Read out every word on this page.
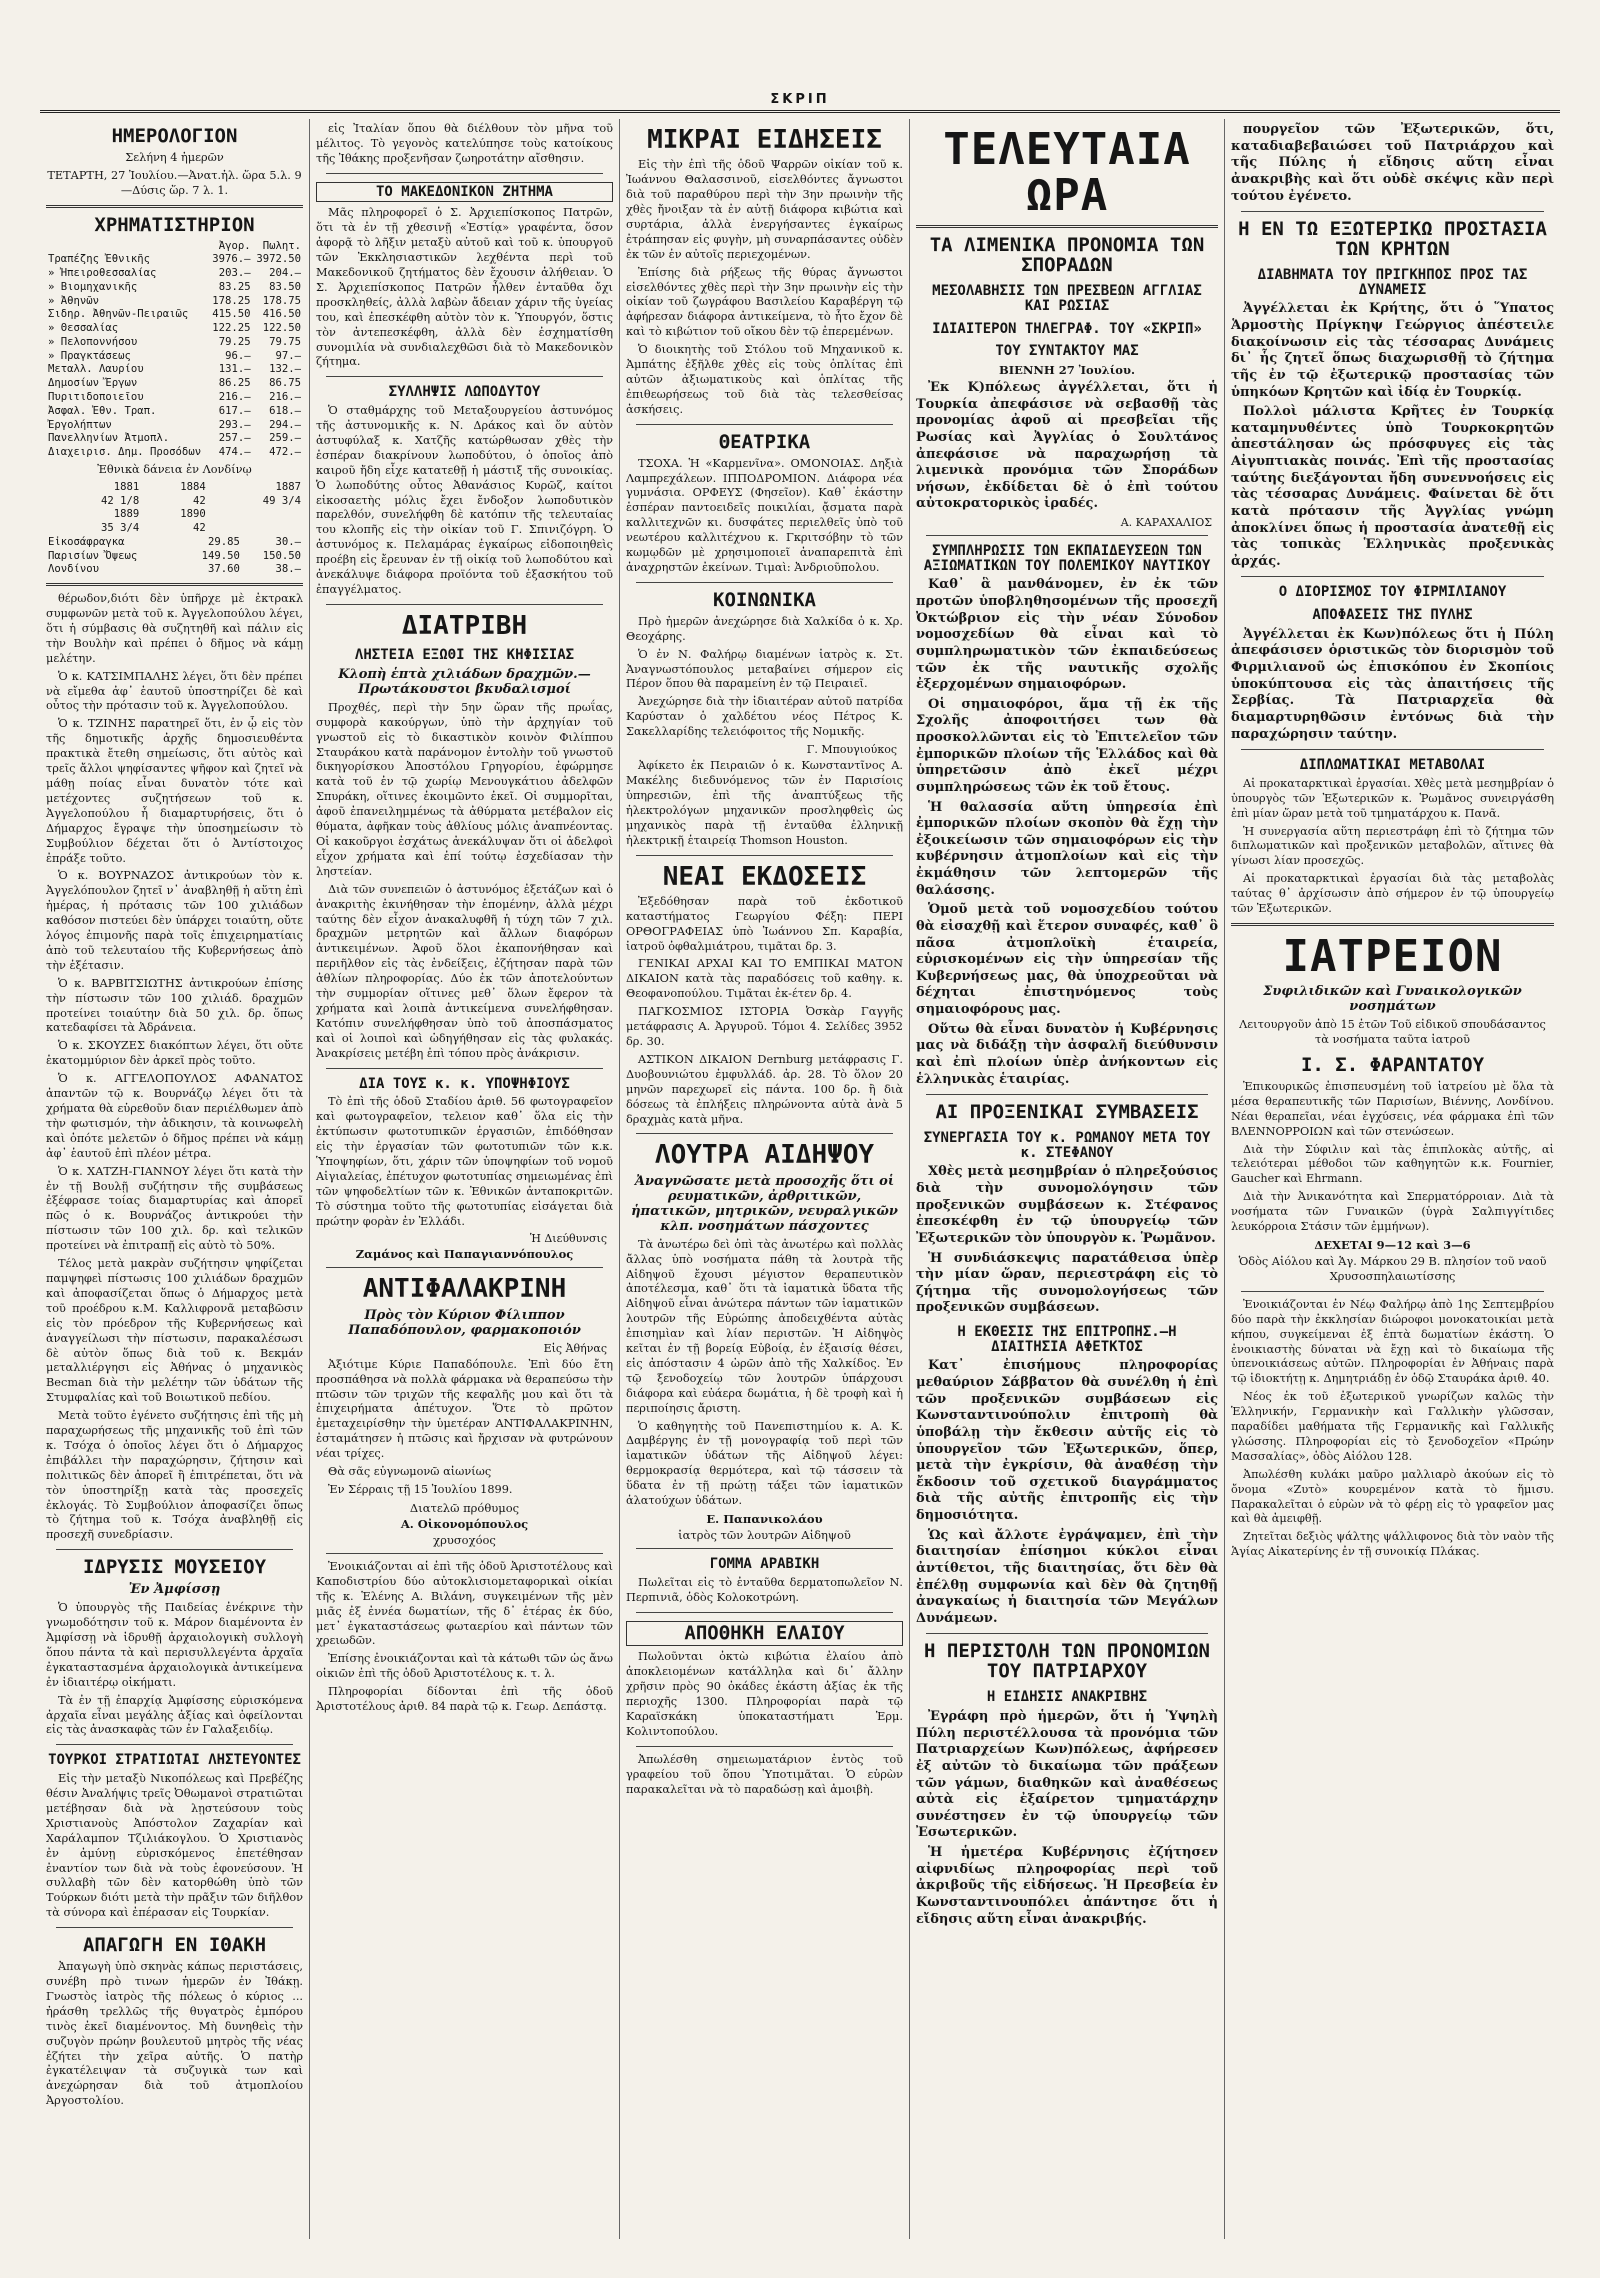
ΣΚΡΙΠ
ΗΜΕΡΟΛΟΓΙΟΝ

Σελήνη 4 ἡμερῶν

ΤΕΤΑΡΤΗ, 27 Ἰουλίου.—Ἀνατ.ἡλ. ὥρα 5.λ. 9—Δύσις ὥρ. 7 λ. 1.

ΧΡΗΜΑΤΙΣΤΗΡΙΟΝ
	Ἀγορ.	Πωλητ.
Τραπέζης Ἐθνικῆς	3976.—	3972.50
» Ἠπειροθεσσαλίας	203.—	204.—
» Βιομηχανικῆς	83.25	83.50
» Ἀθηνῶν	178.25	178.75
Σιδηρ. Ἀθηνῶν-Πειραιῶς	415.50	416.50
» Θεσσαλίας	122.25	122.50
» Πελοποννήσου	79.25	79.75
» Πραγκτάσεως	96.—	97.—
Μεταλλ. Λαυρίου	131.—	132.—
Δημοσίων Ἔργων	86.25	86.75
Πυριτιδοποιεῖου	216.—	216.—
Ἀσφαλ. Ἐθν. Τραπ.	617.—	618.—
Ἐργολήπτων	293.—	294.—
Πανελληνίων Ἀτμοπλ.	257.—	259.—
Διαχειρισ. Δημ. Προσόδων	474.—	472.—

Ἐθνικὰ δάνεια ἐν Λονδίνῳ

1881	1884	1887
42 1/8	42	49 3/4
1889	1890	
35 3/4	42	
Εἰκοσάφραγκα	29.85	30.—
Παρισίων Ὄψεως	149.50	150.50
Λονδίνου	37.60	38.—

θέρωδον,διότι δὲν ὑπῆρχε μὲ ἐκτρακλ συμφωνῶν μετὰ τοῦ κ. Ἀγγελοπούλου λέγει, ὅτι ἡ σύμβασις θὰ συζητηθῆ καὶ πάλιν εἰς τὴν Βουλὴν καὶ πρέπει ὁ δῆμος νὰ κάμῃ μελέτην.

Ὁ κ. ΚΑΤΣΙΜΠΑΛΗΣ λέγει, ὅτι δὲν πρέπει νὰ εἴμεθα ἀφ᾽ ἑαυτοῦ ὑποστηρίζει δὲ καὶ οὗτος τὴν πρότασιν τοῦ κ. Ἀγγελοπούλου.

Ὁ κ. ΤΖΙΝΗΣ παρατηρεῖ ὅτι, ἐν ᾧ εἰς τὸν τῆς δημοτικῆς ἀρχῆς δημοσιευθέντα πρακτικὰ ἔτεθη σημείωσις, ὅτι αὐτὸς καὶ τρεῖς ἄλλοι ψηφίσαντες ψῆφον καὶ ζητεῖ νὰ μάθῃ ποίας εἶναι δυνατὸν τότε καὶ μετέχοντες συζητήσεων τοῦ κ. Ἀγγελοπούλου ἦ διαμαρτυρήσεις, ὅτι ὁ Δήμαρχος ἔγραψε τὴν ὑποσημείωσιν τὸ Συμβούλιον δέχεται ὅτι ὁ Ἀντίστοιχος ἐπράξε τοῦτο.

Ὁ κ. ΒΟΥΡΝΑΖΟΣ ἀντικρούων τὸν κ. Ἀγγελόπουλον ζητεῖ ν᾽ ἀναβληθῇ ἡ αὕτη ἐπὶ ἡμέρας, ἡ πρότασις τῶν 100 χιλιάδων καθόσον πιστεύει δὲν ὑπάρχει τοιαύτη, οὔτε λόγος ἐπιμονῆς παρὰ τοῖς ἐπιχειρηματίαις ἀπὸ τοῦ τελευταίου τῆς Κυβερνήσεως ἀπὸ τὴν ἐξέτασιν.

Ὁ κ. ΒΑΡΒΙΤΣΙΩΤΗΣ ἀντικρούων ἐπίσης τὴν πίστωσιν τῶν 100 χιλιάδ. δραχμῶν προτείνει τοιαύτην διὰ 50 χιλ. δρ. ὅπως κατεδαφίσει τὰ Ἀδράνεια.

Ὁ κ. ΣΚΟΥΖΕΣ διακόπτων λέγει, ὅτι οὔτε ἑκατομμύριον δὲν ἀρκεῖ πρὸς τοῦτο.

Ὁ κ. ΑΓΓΕΛΟΠΟΥΛΟΣ ΑΦΑΝΑΤΟΣ ἀπαντῶν τῷ κ. Βουρνάζῳ λέγει ὅτι τὰ χρήματα θὰ εὑρεθοῦν διαν περιέλθωμεν ἀπὸ τὴν φωτισμόν, τὴν ἀδικησιν, τὰ κοινωφελὴ καὶ ὁπότε μελετῶν ὁ δῆμος πρέπει νὰ κάμῃ ἀφ᾽ ἑαυτοῦ ἐπὶ πλέον μέτρα.

Ὁ κ. ΧΑΤΖΗ-ΓΙΑΝΝΟΥ λέγει ὅτι κατὰ τὴν ἐν τῇ Βουλῇ συζήτησιν τῆς συμβάσεως ἐξέφρασε τοίας διαμαρτυρίας καὶ ἀπορεῖ πῶς ὁ κ. Βουρνάζος ἀντικρούει τὴν πίστωσιν τῶν 100 χιλ. δρ. καὶ τελικῶν προτείνει νὰ ἐπιτραπῇ εἰς αὐτὸ τὸ 50%.

Τέλος μετὰ μακρὰν συζήτησιν ψηφίζεται παμψηφεὶ πίστωσις 100 χιλιάδων δραχμῶν καὶ ἀποφασίζεται ὅπως ὁ Δήμαρχος μετὰ τοῦ προέδρου κ.Μ. Καλλιφρονᾶ μεταβῶσιν εἰς τὸν πρόεδρον τῆς Κυβερνήσεως καὶ ἀναγγείλωσι τὴν πίστωσιν, παρακαλέσωσι δὲ αὐτὸν ὅπως διὰ τοῦ κ. Βεκμάν μεταλλιέργησι εἰς Ἀθήνας ὁ μηχανικὸς Becman διὰ τὴν μελέτην τῶν ὑδάτων τῆς Στυμφαλίας καὶ τοῦ Βοιωτικοῦ πεδίου.

Μετὰ τοῦτο ἐγένετο συζήτησις ἐπὶ τῆς μὴ παραχωρήσεως τῆς μηχανικῆς τοῦ ἐπὶ τῶν κ. Τσόχα ὁ ὁποῖος λέγει ὅτι ὁ Δήμαρχος ἐπιβάλλει τὴν παραχώρησιν, ζήτησιν καὶ πολιτικῶς δὲν ἀπορεῖ ἢ ἐπιτρέπεται, ὅτι νὰ τὸν ὑποστηρίξῃ κατὰ τὰς προσεχεῖς ἐκλογάς. Τὸ Συμβούλιον ἀποφασίζει ὅπως τὸ ζήτημα τοῦ κ. Τσόχα ἀναβληθῇ εἰς προσεχῆ συνεδρίασιν.

ΙΔΡΥΣΙΣ ΜΟΥΣΕΙΟΥ
Ἐν Ἀμφίσσῃ

Ὁ ὑπουργὸς τῆς Παιδείας ἐνέκρινε τὴν γνωμοδότησιν τοῦ κ. Μάρον διαμένοντα ἐν Ἀμφίσσῃ νὰ ἱδρυθῇ ἀρχαιολογικὴ συλλογὴ ὅπου πάντα τὰ καὶ περισυλλεγέντα ἀρχαῖα ἐγκαταστασμένα ἀρχαιολογικὰ ἀντικείμενα ἐν ἰδιαιτέρῳ οἰκήματι.

Τὰ ἐν τῇ ἐπαρχίᾳ Ἀμφίσσης εὑρισκόμενα ἀρχαῖα εἶναι μεγάλης ἀξίας καὶ ὀφείλονται εἰς τὰς ἀνασκαφὰς τῶν ἐν Γαλαξειδίῳ.

ΤΟΥΡΚΟΙ ΣΤΡΑΤΙΩΤΑΙ ΛΗΣΤΕΥΟΝΤΕΣ

Εἰς τὴν μεταξὺ Νικοπόλεως καὶ Πρεβέζης θέσιν Ἀναλήψις τρεῖς Ὀθωμανοὶ στρατιῶται μετέβησαν διὰ νὰ λῃστεύσουν τοὺς Χριστιανοὺς Ἀπόστολον Ζαχαρίαν καὶ Χαράλαμπον Τζιλιάκογλου. Ὁ Χριστιανὸς ἐν ἀμύνῃ εὑρισκόμενος ἐπετέθησαν ἐναντίον των διὰ νὰ τοὺς ἐφονεύσουν. Ἡ συλλαβὴ τῶν δὲν κατορθώθη ὑπὸ τῶν Τούρκων διότι μετὰ τὴν πρᾶξιν τῶν διῆλθον τὰ σύνορα καὶ ἐπέρασαν εἰς Τουρκίαν.

ΑΠΑΓΩΓΗ ΕΝ ΙΘΑΚΗ

Ἀπαγωγὴ ὑπὸ σκηνὰς κάπως περιστάσεις, συνέβη πρὸ τινων ἡμερῶν ἐν Ἰθάκῃ. Γνωστὸς ἰατρὸς τῆς πόλεως ὁ κύριος ... ἠράσθη τρελλῶς τῆς θυγατρὸς ἐμπόρου τινὸς ἐκεῖ διαμένοντος. Μὴ δυνηθεὶς τὴν συζυγὸν πρώην βουλευτοῦ μητρὸς τῆς νέας ἐζήτει τὴν χεῖρα αὐτῆς. Ὁ πατὴρ ἐγκατέλειψαν τὰ συζυγικὰ των καὶ ἀνεχώρησαν διὰ τοῦ ἀτμοπλοίου Ἀργοστολίου.

εἰς Ἰταλίαν ὅπου θὰ διέλθουν τὸν μῆνα τοῦ μέλιτος. Τὸ γεγονὸς κατελύπησε τοὺς κατοίκους τῆς Ἰθάκης προξενῆσαν ζωηροτάτην αἴσθησιν.

ΤΟ ΜΑΚΕΔΟΝΙΚΟΝ ΖΗΤΗΜΑ

Μᾶς πληροφορεῖ ὁ Σ. Ἀρχιεπίσκοπος Πατρῶν, ὅτι τὰ ἐν τῇ χθεσινῇ «Ἑστίᾳ» γραφέντα, ὅσον ἀφορᾷ τὸ λῆξιν μεταξὺ αὐτοῦ καὶ τοῦ κ. ὑπουργοῦ τῶν Ἐκκλησιαστικῶν λεχθέντα περὶ τοῦ Μακεδονικοῦ ζητήματος δὲν ἔχουσιν ἀλήθειαν. Ὁ Σ. Ἀρχιεπίσκοπος Πατρῶν ἦλθεν ἐνταῦθα ὄχι προσκληθείς, ἀλλὰ λαβὼν ἄδειαν χάριν τῆς ὑγείας του, καὶ ἐπεσκέφθη αὐτὸν τὸν κ. Ὑπουργόν, ὅστις τὸν ἀντεπεσκέφθη, ἀλλὰ δὲν ἐσχηματίσθη συνομιλία νὰ συνδιαλεχθῶσι διὰ τὸ Μακεδονικὸν ζήτημα.

ΣΥΛΛΗΨΙΣ ΛΩΠΟΔΥΤΟΥ

Ὁ σταθμάρχης τοῦ Μεταξουργείου ἀστυνόμος τῆς ἀστυνομικῆς κ. Ν. Δράκος καὶ ὅν αὐτὸν ἀστυφύλαξ κ. Χατζῆς κατώρθωσαν χθὲς τὴν ἑσπέραν διακρίνουν λωποδύτου, ὁ ὁποῖος ἀπὸ καιροῦ ἤδη εἶχε κατατεθῇ ἡ μάστιξ τῆς συνοικίας. Ὁ λωποδύτης οὗτος Ἀθανάσιος Κυρῶζ, καίτοι εἰκοσαετὴς μόλις ἔχει ἔνδοξον λωποδυτικὸν παρελθόν, συνελήφθη δὲ κατόπιν τῆς τελευταίας του κλοπῆς εἰς τὴν οἰκίαν τοῦ Γ. Σπινιζόγρη. Ὁ ἀστυνόμος κ. Πελαμάρας ἐγκαίρως εἰδοποιηθεὶς προέβη εἰς ἔρευναν ἐν τῇ οἰκίᾳ τοῦ λωποδύτου καὶ ἀνεκάλυψε διάφορα προϊόντα τοῦ ἐξασκήτου τοῦ ἐπαγγέλματος.

ΔΙΑΤΡΙΒΗ
ΛΗΣΤΕΙΑ ΕΞΩΘΙ ΤΗΣ ΚΗΦΙΣΙΑΣ
Κλοπὴ ἑπτὰ χιλιάδων δραχμῶν.—Πρωτάκουστοι βκυδαλισμοί

Προχθές, περὶ τὴν 5ην ὥραν τῆς πρωΐας, συμφορὰ κακούργων, ὑπὸ τὴν ἀρχηγίαν τοῦ γνωστοῦ εἰς τὸ δικαστικὸν κοινὸν Φιλίππου Σταυράκου κατὰ παράνομον ἐντολὴν τοῦ γνωστοῦ δικηγορίσκου Ἀποστόλου Γρηγορίου, ἐφώρμησε κατὰ τοῦ ἐν τῷ χωρίῳ Μενουγκάτιου ἀδελφῶν Σπυράκη, οἵτινες ἐκοιμῶντο ἐκεῖ. Οἱ συμμορῖται, ἀφοῦ ἐπανειλημμένως τὰ ἀθύρματα μετέβαλον εἰς θύματα, ἀφῆκαν τοὺς ἀθλίους μόλις ἀναπνέοντας. Οἱ κακοῦργοι ἐσχάτως ἀνεκάλυψαν ὅτι οἱ ἀδελφοὶ εἶχον χρήματα καὶ ἐπί τούτῳ ἐσχεδίασαν τὴν ληστείαν.

Διὰ τῶν συνεπειῶν ὁ ἀστυνόμος ἐξετάζων καὶ ὁ ἀνακριτὴς ἐκινήθησαν τὴν ἑπομένην, ἀλλὰ μέχρι ταύτης δὲν εἶχον ἀνακαλυφθῆ ἡ τύχη τῶν 7 χιλ. δραχμῶν μετρητῶν καὶ ἄλλων διαφόρων ἀντικειμένων. Ἀφοῦ ὅλοι ἐκαπονήθησαν καὶ περιῆλθον εἰς τὰς ἐνδείξεις, ἐζήτησαν παρὰ τῶν ἀθλίων πληροφορίας. Δύο ἐκ τῶν ἀποτελούντων τὴν συμμορίαν οἵτινες μεθ᾽ ὅλων ἔφερον τὰ χρήματα καὶ λοιπὰ ἀντικείμενα συνελήφθησαν. Κατόπιν συνελήφθησαν ὑπὸ τοῦ ἀποσπάσματος καὶ οἱ λοιποὶ καὶ ὡδηγήθησαν εἰς τὰς φυλακάς. Ἀνακρίσεις μετέβη ἐπὶ τόπου πρὸς ἀνάκρισιν.

ΔΙΑ ΤΟΥΣ κ. κ. ΥΠΟΨΗΦΙΟΥΣ

Τὸ ἐπὶ τῆς ὁδοῦ Σταδίου ἀριθ. 56 φωτογραφεῖον καὶ φωτογραφεῖον, τελειον καθ᾽ ὅλα εἰς τὴν ἐκτύπωσιν φωτοτυπικῶν ἐργασιῶν, ἐπιδόθησαν εἰς τὴν ἐργασίαν τῶν φωτοτυπιῶν τῶν κ.κ. Ὑποψηφίων, ὅτι, χάριν τῶν ὑποψηφίων τοῦ νομοῦ Αἰγιαλείας, ἐπέτυχον φωτοτυπίας σημειωμένας ἐπὶ τῶν ψηφοδελτίων τῶν κ. Ἐθνικῶν ἀνταποκριτῶν. Τὸ σύστημα τοῦτο τῆς φωτοτυπίας εἰσάγεται διὰ πρώτην φορὰν ἐν Ἑλλάδι.

Ἡ Διεύθυνσις
Ζαμάνος καὶ Παπαγιαννόπουλος
ΑΝΤΙΦΑΛΑΚΡΙΝΗ
Πρὸς τὸν Κύριον Φίλιππον Παπαδόπουλον, φαρμακοποιόν
Εἰς Ἀθήνας

Ἀξιότιμε Κύριε Παπαδόπουλε. Ἐπὶ δύο ἔτη προσπάθησα νὰ πολλὰ φάρμακα νὰ θεραπεύσω τὴν πτῶσιν τῶν τριχῶν τῆς κεφαλῆς μου καὶ ὅτι τὰ ἐπιχειρήματα ἀπέτυχον. Ὅτε τὸ πρῶτον ἐμεταχειρίσθην τὴν ὑμετέραν ΑΝΤΙΦΑΛΑΚΡΙΝΗΝ, ἐσταμάτησεν ἡ πτῶσις καὶ ἤρχισαν νὰ φυτρώνουν νέαι τρίχες.

Θὰ σᾶς εὐγνωμονῶ αἰωνίως

Ἐν Σέρραις τῇ 15 Ἰουλίου 1899.

Διατελῶ πρόθυμος
Α. Οἰκονομόπουλος
χρυσοχόος

Ἐνοικιάζονται αἱ ἐπὶ τῆς ὁδοῦ Ἀριστοτέλους καὶ Καποδιστρίου δύο αὐτοκλισιομεταφορικαὶ οἰκίαι τῆς κ. Ἑλένης Α. Βιλάνη, συγκειμένων τῆς μὲν μιᾶς ἐξ ἐννέα δωματίων, τῆς δ᾽ ἑτέρας ἐκ δύο, μετ᾽ ἐγκαταστάσεως φωταερίου καὶ πάντων τῶν χρειωδῶν.

Ἐπίσης ἐνοικιάζονται καὶ τὰ κάτωθι τῶν ὡς ἄνω οἰκιῶν ἐπὶ τῆς ὁδοῦ Ἀριστοτέλους κ. τ. λ.

Πληροφορίαι δίδονται ἐπὶ τῆς ὁδοῦ Ἀριστοτέλους ἀριθ. 84 παρὰ τῷ κ. Γεωρ. Δεπάστᾳ.

ΜΙΚΡΑΙ ΕΙΔΗΣΕΙΣ

Εἰς τὴν ἐπὶ τῆς ὁδοῦ Ψαρρῶν οἰκίαν τοῦ κ. Ἰωάννου Θαλασσινοῦ, εἰσελθόντες ἄγνωστοι διὰ τοῦ παραθύρου περὶ τὴν 3ην πρωινὴν τῆς χθὲς ἤνοιξαν τὰ ἐν αὐτῇ διάφορα κιβώτια καὶ συρτάρια, ἀλλὰ ἐνεργήσαντες ἐγκαίρως ἐτράπησαν εἰς φυγὴν, μὴ συναρπάσαντες οὐδὲν ἐκ τῶν ἐν αὐτοῖς περιεχομένων.

Ἐπίσης διὰ ρήξεως τῆς θύρας ἄγνωστοι εἰσελθόντες χθὲς περὶ τὴν 3ην πρωινὴν εἰς τὴν οἰκίαν τοῦ ζωγράφου Βασιλείου Καραβέργη τῷ ἀφήρεσαν διάφορα ἀντικείμενα, τὸ ἦτο ἔχον δὲ καὶ τὸ κιβώτιον τοῦ οἴκου δὲν τῷ ἐπερεμένων.

Ὁ διοικητὴς τοῦ Στόλου τοῦ Μηχανικοῦ κ. Ἀμπάτης ἐξῆλθε χθὲς εἰς τοὺς ὁπλίτας ἐπὶ αὐτῶν ἀξιωματικοὺς καὶ ὁπλίτας τῆς ἐπιθεωρήσεως τοῦ διὰ τὰς τελεσθείσας ἀσκήσεις.

ΘΕΑΤΡΙΚΑ

ΤΣΟΧΑ. Ἡ «Καρμενῖνα». ΟΜΟΝΟΙΑΣ. Δηξιὰ Λαμπρεχάλεων. ΙΠΠΟΔΡΟΜΙΟΝ. Διάφορα νέα γυμνάσια. ΟΡΦΕΥΣ (Φησεῖον). Καθ᾽ ἑκάστην ἑσπέραν παντοειδεῖς ποικιλίαι, ᾄσματα παρὰ καλλιτεχνῶν κι. δυσφάτες περιελθεῖς ὑπὸ τοῦ νεωτέρου καλλιτέχνου κ. Γκριτσόβην τὸ τῶν κωμῳδῶν μὲ χρησιμοποιεῖ ἀναπαρεπιτὰ ἐπὶ ἀναχρηστῶν ἐκείνων. Τιμαὶ: Ἀνδριοῦπολου.

ΚΟΙΝΩΝΙΚΑ

Πρὸ ἡμερῶν ἀνεχώρησε διὰ Χαλκίδα ὁ κ. Χρ. Θεοχάρης.

Ὁ ἐν Ν. Φαλήρῳ διαμένων ἰατρὸς κ. Στ. Ἀναγνωστόπουλος μεταβαίνει σήμερον εἰς Πέρον ὅπου θὰ παραμείνη ἐν τῷ Πειραιεῖ.

Ἀνεχώρησε διὰ τὴν ἰδιαιτέραν αὐτοῦ πατρίδα Καρύσταν ὁ χαλδέτου νέος Πέτρος Κ. Σακελλαρίδης τελειόφοιτος τῆς Νομικῆς.

Γ. Μπουγιούκος

Ἀφίκετο ἐκ Πειραιῶν ὁ κ. Κωνσταντῖνος Α. Μακέλης διεδυνόμενος τῶν ἐν Παρισίοις ὑπηρεσιῶν, ἐπὶ τῆς ἀναπτύξεως τῆς ἠλεκτρολόγων μηχανικῶν προσληφθεὶς ὡς μηχανικὸς παρὰ τῇ ἐνταῦθα ἐλληνικῇ ἠλεκτρικῇ ἑταιρείᾳ Thomson Houston.

ΝΕΑΙ ΕΚΔΟΣΕΙΣ

Ἐξεδόθησαν παρὰ τοῦ ἐκδοτικοῦ καταστήματος Γεωργίου Φέξη: ΠΕΡΙ ΟΡΘΟΓΡΑΦΕΙΑΣ ὑπὸ Ἰωάννου Σπ. Καραβία, ἰατροῦ ὀφθαλμιάτρου, τιμᾶται δρ. 3.

ΓΕΝΙΚΑΙ ΑΡΧΑΙ ΚΑΙ ΤΟ ΕΜΠΙΚΑΙ ΜΑΤΟΝ ΔΙΚΑΙΟΝ κατὰ τὰς παραδόσεις τοῦ καθηγ. κ. Θεοφανοπούλου. Τιμᾶται ἐκ-έτεν δρ. 4.

ΠΑΓΚΟΣΜΙΟΣ ΙΣΤΟΡΙΑ Ὀσκὰρ Γαγγῆς μετάφρασις Α. Ἀργυροῦ. Τόμοι 4. Σελίδες 3952 δρ. 30.

ΑΣΤΙΚΟΝ ΔΙΚΑΙΟΝ Dernburg μετάφρασις Γ. Δυοβουνιώτου ἐμφυλλάδ. ἀρ. 28. Τὸ ὅλον 20 μηνῶν παρεχωρεῖ εἰς πάντα. 100 δρ. ἢ διὰ δόσεως τὰ ἐπλήξεις πληρώνοντα αὐτὰ ἀνὰ 5 δραχμὰς κατὰ μῆνα.

ΛΟΥΤΡΑ ΑΙΔΗΨΟΥ
Ἀναγνῶσατε μετὰ προσοχῆς ὅτι οἱ ρευματικῶν, ἀρθριτικῶν, ἡπατικῶν, μητρικῶν, νευραλγικῶν κλπ. νοσημάτων πάσχοντες

Τὰ ἀνωτέρω δεὶ ὀπὶ τὰς ἀνωτέρω καὶ πολλὰς ἄλλας ὑπὸ νοσήματα πάθη τὰ λουτρὰ τῆς Αἰδηψοῦ ἔχουσι μέγιστον θεραπευτικὸν ἀποτέλεσμα, καθ᾽ ὅτι τὰ ἰαματικὰ ὕδατα τῆς Αἰδηψοῦ εἶναι ἀνώτερα πάντων τῶν ἰαματικῶν λουτρῶν τῆς Εὐρώπης ἀποδειχθέντα αὐτὰς ἐπισημὶαν καὶ λίαν περιστῶν. Ἡ Αἰδηψὸς κεῖται ἐν τῇ βορείᾳ Εὐβοίᾳ, ἐν ἐξαισίᾳ θέσει, εἰς ἀπόστασιν 4 ὡρῶν ἀπὸ τῆς Χαλκίδος. Ἐν τῷ ξενοδοχείῳ τῶν λουτρῶν ὑπάρχουσι διάφορα καὶ εὐάερα δωμάτια, ἡ δὲ τροφὴ καὶ ἡ περιποίησις ἄριστη.

Ὁ καθηγητὴς τοῦ Πανεπιστημίου κ. Α. Κ. Δαμβέργης ἐν τῇ μονογραφίᾳ τοῦ περὶ τῶν ἰαματικῶν ὑδάτων τῆς Αἰδηψοῦ λέγει: θερμοκρασίᾳ θερμότερα, καὶ τῷ τάσσειν τὰ ὕδατα ἐν τῇ πρώτῃ τάξει τῶν ἰαματικῶν ἁλατούχων ὑδάτων.

Ε. Παπανικολάου
ἰατρὸς τῶν λουτρῶν Αἰδηψοῦ
ΓΟΜΜΑ ΑΡΑΒΙΚΗ

Πωλεῖται εἰς τὸ ἐνταῦθα δερματοπωλεῖον Ν. Περπινιᾶ, ὁδὸς Κολοκοτρώνη.

ΑΠΟΘΗΚΗ ΕΛΑΙΟΥ

Πωλοῦνται ὀκτὼ κιβώτια ἐλαίου ἀπὸ ἀποκλειομένων κατάλληλα καὶ δι᾽ ἄλλην χρῆσιν πρὸς 90 ὀκάδες ἐκάστη ἀξίας ἐκ τῆς περιοχῆς 1300. Πληροφορίαι παρὰ τῷ Καραϊσκάκη ὑποκαταστήματι Ἑρμ. Κολιντοπούλου.

Ἀπωλέσθη σημειωματάριον ἐντὸς τοῦ γραφείου τοῦ ὅπου Ὑποτιμᾶται. Ὁ εὑρὼν παρακαλεῖται νὰ τὸ παραδώσῃ καὶ ἀμοιβὴ.

ΤΕΛΕΥΤΑΙΑ ΩΡΑ
ΤΑ ΛΙΜΕΝΙΚΑ ΠΡΟΝΟΜΙΑ ΤΩΝ ΣΠΟΡΑΔΩΝ
ΜΕΣΟΛΑΒΗΣΙΣ ΤΩΝ ΠΡΕΣΒΕΩΝ ΑΓΓΛΙΑΣ ΚΑΙ ΡΩΣΙΑΣ
ΙΔΙΑΙΤΕΡΟΝ ΤΗΛΕΓΡΑΦ. ΤΟΥ «ΣΚΡΙΠ»
ΤΟΥ ΣΥΝΤΑΚΤΟΥ ΜΑΣ
ΒΙΕΝΝΗ 27 Ἰουλίου.

Ἐκ Κ)πόλεως ἀγγέλλεται, ὅτι ἡ Τουρκία ἀπεφάσισε νὰ σεβασθῇ τὰς προνομίας ἀφοῦ αἱ πρεσβεῖαι τῆς Ρωσίας καὶ Ἀγγλίας ὁ Σουλτάνος ἀπεφάσισε νὰ παραχωρήσῃ τὰ λιμενικὰ προνόμια τῶν Σποράδων νήσων, ἐκδίδεται δὲ ὁ ἐπὶ τούτου αὐτοκρατορικὸς ἰραδές.

Α. ΚΑΡΑΧΑΛΙΟΣ
ΣΥΜΠΛΗΡΩΣΙΣ ΤΩΝ ΕΚΠΑΙΔΕΥΣΕΩΝ ΤΩΝ ΑΞΙΩΜΑΤΙΚΩΝ ΤΟΥ ΠΟΛΕΜΙΚΟΥ ΝΑΥΤΙΚΟΥ

Καθ᾽ ἃ μανθάνομεν, ἐν ἐκ τῶν προτῶν ὑποβληθησομένων τῆς προσεχῆ Ὀκτώβριον εἰς τὴν νέαν Σύνοδον νομοσχεδίων θὰ εἶναι καὶ τὸ συμπληρωματικὸν τῶν ἐκπαιδεύσεως τῶν ἐκ τῆς ναυτικῆς σχολῆς ἐξερχομένων σημαιοφόρων.

Οἱ σημαιοφόροι, ἅμα τῇ ἐκ τῆς Σχολῆς ἀποφοιτήσει των θὰ προσκολλῶνται εἰς τὸ Ἐπιτελεῖον τῶν ἐμπορικῶν πλοίων τῆς Ἑλλάδος καὶ θὰ ὑπηρετῶσιν ἀπὸ ἐκεῖ μέχρι συμπληρώσεως τῶν ἐκ τοῦ ἔτους.

Ἡ θαλασσία αὕτη ὑπηρεσία ἐπὶ ἐμπορικῶν πλοίων σκοπὸν θὰ ἔχῃ τὴν ἐξοικείωσιν τῶν σημαιοφόρων εἰς τὴν κυβέρνησιν ἀτμοπλοίων καὶ εἰς τὴν ἐκμάθησιν τῶν λεπτομερῶν τῆς θαλάσσης.

Ὁμοῦ μετὰ τοῦ νομοσχεδίου τούτου θὰ εἰσαχθῇ καὶ ἕτερον συναφές, καθ᾽ ὃ πᾶσα ἀτμοπλοϊκὴ ἑταιρεία, εὑρισκομένων εἰς τὴν ὑπηρεσίαν τῆς Κυβερνήσεως μας, θὰ ὑποχρεοῦται νὰ δέχηται ἐπιστηνόμενος τοὺς σημαιοφόρους μας.

Οὕτω θὰ εἶναι δυνατὸν ἡ Κυβέρνησις μας νὰ διδάξῃ τὴν ἀσφαλῆ διεύθυνσιν καὶ ἐπὶ πλοίων ὑπὲρ ἀνήκοντων εἰς ἑλληνικὰς ἑταιρίας.

ΑΙ ΠΡΟΞΕΝΙΚΑΙ ΣΥΜΒΑΣΕΙΣ
ΣΥΝΕΡΓΑΣΙΑ ΤΟΥ κ. ΡΩΜΑΝΟΥ ΜΕΤΑ ΤΟΥ κ. ΣΤΕΦΑΝΟΥ

Χθὲς μετὰ μεσημβρίαν ὁ πληρεξούσιος διὰ τὴν συνομολόγησιν τῶν προξενικῶν συμβάσεων κ. Στέφανος ἐπεσκέφθη ἐν τῷ ὑπουργείῳ τῶν Ἐξωτερικῶν τὸν ὑπουργὸν κ. Ῥωμᾶνον.

Ἡ συνδιάσκεψις παρατάθεισα ὑπὲρ τὴν μίαν ὥραν, περιεστράφη εἰς τὸ ζήτημα τῆς συνομολογήσεως τῶν προξενικῶν συμβάσεων.

Η ΕΚΘΕΣΙΣ ΤΗΣ ΕΠΙΤΡΟΠΗΣ.—Η ΔΙΑΙΤΗΣΙΑ ΑΦΕΤΚΤΟΣ

Κατ᾽ ἐπισήμους πληροφορίας μεθαύριον Σάββατον θὰ συνέλθη ἡ ἐπὶ τῶν προξενικῶν συμβάσεων εἰς Κωνσταντινούπολιν ἐπιτροπὴ θὰ ὑποβάλῃ τὴν ἔκθεσιν αὐτῆς εἰς τὸ ὑπουργεῖον τῶν Ἐξωτερικῶν, ὅπερ, μετὰ τὴν ἐγκρίσιν, θὰ ἀναθέσῃ τὴν ἔκδοσιν τοῦ σχετικοῦ διαγράμματος διὰ τῆς αὐτῆς ἐπιτροπῆς εἰς τὴν δημοσιότητα.

Ὡς καὶ ἄλλοτε ἐγράψαμεν, ἐπὶ τὴν διαιτησίαν ἐπίσημοι κύκλοι εἶναι ἀντίθετοι, τῆς διαιτησίας, ὅτι δὲν θὰ ἐπέλθῃ συμφωνία καὶ δὲν θὰ ζητηθῇ ἀναγκαίως ἡ διαιτησία τῶν Μεγάλων Δυνάμεων.

Η ΠΕΡΙΣΤΟΛΗ ΤΩΝ ΠΡΟΝΟΜΙΩΝ ΤΟΥ ΠΑΤΡΙΑΡΧΟΥ
Η ΕΙΔΗΣΙΣ ΑΝΑΚΡΙΒΗΣ

Ἐγράφη πρὸ ἡμερῶν, ὅτι ἡ Ὑψηλὴ Πύλη περιστέλλουσα τὰ προνόμια τῶν Πατριαρχείων Κων)πόλεως, ἀφήρεσεν ἐξ αὐτῶν τὸ δικαίωμα τῶν πράξεων τῶν γάμων, διαθηκῶν καὶ ἀναθέσεως αὐτὰ εἰς ἐξαίρετον τμηματάρχην συνέστησεν ἐν τῷ ὑπουργείῳ τῶν Ἐσωτερικῶν.

Ἡ ἡμετέρα Κυβέρνησις ἐζήτησεν αἰφνιδίως πληροφορίας περὶ τοῦ ἀκριβοῦς τῆς εἰδήσεως. Ἡ Πρεσβεία ἐν Κωνσταντινουπόλει ἀπάντησε ὅτι ἡ εἴδησις αὕτη εἶναι ἀνακριβής.

πουργεῖον τῶν Ἐξωτερικῶν, ὅτι, καταδιαβεβαιώσει τοῦ Πατριάρχου καὶ τῆς Πύλης ἡ εἴδησις αὕτη εἶναι ἀνακριβὴς καὶ ὅτι οὐδὲ σκέψις κἂν περὶ τούτου ἐγένετο.

Η ΕΝ ΤΩ ΕΞΩΤΕΡΙΚΩ ΠΡΟΣΤΑΣΙΑ ΤΩΝ ΚΡΗΤΩΝ
ΔΙΑΒΗΜΑΤΑ ΤΟΥ ΠΡΙΓΚΗΠΟΣ ΠΡΟΣ ΤΑΣ ΔΥΝΑΜΕΙΣ

Ἀγγέλλεται ἐκ Κρήτης, ὅτι ὁ Ὕπατος Ἁρμοστὴς Πρίγκηψ Γεώργιος ἀπέστειλε διακοίνωσιν εἰς τὰς τέσσαρας Δυνάμεις δι᾽ ἧς ζητεῖ ὅπως διαχωρισθῇ τὸ ζήτημα τῆς ἐν τῷ ἐξωτερικῷ προστασίας τῶν ὑπηκόων Κρητῶν καὶ ἰδίᾳ ἐν Τουρκίᾳ.

Πολλοὶ μάλιστα Κρῆτες ἐν Τουρκίᾳ καταμηνυθέντες ὑπὸ Τουρκοκρητῶν ἀπεστάλησαν ὡς πρόσφυγες εἰς τὰς Αἰγυπτιακὰς ποινάς. Ἐπὶ τῆς προστασίας ταύτης διεξάγονται ἤδη συνεννοήσεις εἰς τὰς τέσσαρας Δυνάμεις. Φαίνεται δὲ ὅτι κατὰ πρότασιν τῆς Ἀγγλίας γνώμη ἀποκλίνει ὅπως ἡ προστασία ἀνατεθῇ εἰς τὰς τοπικὰς Ἑλληνικὰς προξενικὰς ἀρχάς.

Ο ΔΙΟΡΙΣΜΟΣ ΤΟΥ ΦΙΡΜΙΛΙΑΝΟΥ
ΑΠΟΦΑΣΕΙΣ ΤΗΣ ΠΥΛΗΣ

Ἀγγέλλεται ἐκ Κων)πόλεως ὅτι ἡ Πύλη ἀπεφάσισεν ὁριστικῶς τὸν διορισμὸν τοῦ Φιρμιλιανοῦ ὡς ἐπισκόπου ἐν Σκοπίοις ὑποκύπτουσα εἰς τὰς ἀπαιτήσεις τῆς Σερβίας. Τὰ Πατριαρχεῖα θὰ διαμαρτυρηθῶσιν ἐντόνως διὰ τὴν παραχώρησιν ταύτην.

ΔΙΠΛΩΜΑΤΙΚΑΙ ΜΕΤΑΒΟΛΑΙ

Αἱ προκαταρκτικαὶ ἐργασίαι. Χθὲς μετὰ μεσημβρίαν ὁ ὑπουργὸς τῶν Ἐξωτερικῶν κ. Ῥωμᾶνος συνειργάσθη ἐπὶ μίαν ὥραν μετὰ τοῦ τμηματάρχου κ. Πανᾶ.

Ἡ συνεργασία αὕτη περιεστράφη ἐπὶ τὸ ζήτημα τῶν διπλωματικῶν καὶ προξενικῶν μεταβολῶν, αἵτινες θὰ γίνωσι λίαν προσεχῶς.

Αἱ προκαταρκτικαὶ ἐργασίαι διὰ τὰς μεταβολὰς ταύτας θ᾽ ἀρχίσωσιν ἀπὸ σήμερον ἐν τῷ ὑπουργείῳ τῶν Ἐξωτερικῶν.

ΙΑΤΡΕΙΟΝ
Συφιλιδικῶν καὶ Γυναικολογικῶν νοσημάτων

Λειτουργοῦν ἀπὸ 15 ἐτῶν Τοῦ εἰδικοῦ σπουδάσαντος τὰ νοσήματα ταῦτα ἰατροῦ

Ι. Σ. ΦΑΡΑΝΤΑΤΟΥ

Ἐπικουρικῶς ἐπισπευσμένη τοῦ ἰατρείου μὲ ὅλα τὰ μέσα θεραπευτικῆς τῶν Παρισίων, Βιέννης, Λονδίνου. Νέαι θεραπεῖαι, νέαι ἐγχύσεις, νέα φάρμακα ἐπὶ τῶν ΒΛΕΝΝΟΡΡΟΙΩΝ καὶ τῶν στενώσεων.

Διὰ τὴν Σύφιλιν καὶ τὰς ἐπιπλοκὰς αὐτῆς, αἱ τελειότεραι μέθοδοι τῶν καθηγητῶν κ.κ. Fournier, Gaucher καὶ Ehrmann.

Διὰ τὴν Ἀνικανότητα καὶ Σπερματόρροιαν. Διὰ τὰ νοσήματα τῶν Γυναικῶν (ὑγρὰ Σαλπιγγίτιδες λευκόρροια Στάσιν τῶν ἐμμήνων).

ΔΕΧΕΤΑΙ 9—12 καὶ 3—6

Ὁδὸς Αἰόλου καὶ Ἁγ. Μάρκου 29 Β. πλησίον τοῦ ναοῦ Χρυσοσπηλαιωτίσσης

Ἐνοικιάζονται ἐν Νέῳ Φαλήρῳ ἀπὸ 1ης Σεπτεμβρίου δύο παρὰ τὴν ἐκκλησίαν διώροφοι μονοκατοικίαι μετὰ κήπου, συγκείμεναι ἐξ ἑπτὰ δωματίων ἑκάστη. Ὁ ἐνοικιαστὴς δύναται νὰ ἔχῃ καὶ τὸ δικαίωμα τῆς ὑπενοικιάσεως αὐτῶν. Πληροφορίαι ἐν Ἀθήναις παρὰ τῷ ἰδιοκτήτῃ κ. Δημητριάδῃ ἐν ὁδῷ Σταυράκα ἀριθ. 40.

Νέος ἐκ τοῦ ἐξωτερικοῦ γνωρίζων καλῶς τὴν Ἑλληνικήν, Γερμανικὴν καὶ Γαλλικὴν γλῶσσαν, παραδίδει μαθήματα τῆς Γερμανικῆς καὶ Γαλλικῆς γλώσσης. Πληροφορίαι εἰς τὸ ξενοδοχεῖον «Πρώην Μασσαλίας», ὁδὸς Αἰόλου 128.

Ἀπωλέσθη κυλάκι μαῦρο μαλλιαρὸ ἀκούων εἰς τὸ ὄνομα «Ζυτὸ» κουρεμένον κατὰ τὸ ἥμισυ. Παρακαλεῖται ὁ εὑρὼν νὰ τὸ φέρῃ εἰς τὸ γραφεῖον μας καὶ θὰ ἀμειφθῇ.

Ζητεῖται δεξιὸς ψάλτης ψάλλιφονος διὰ τὸν ναὸν τῆς Ἁγίας Αἰκατερίνης ἐν τῇ συνοικίᾳ Πλάκας.
